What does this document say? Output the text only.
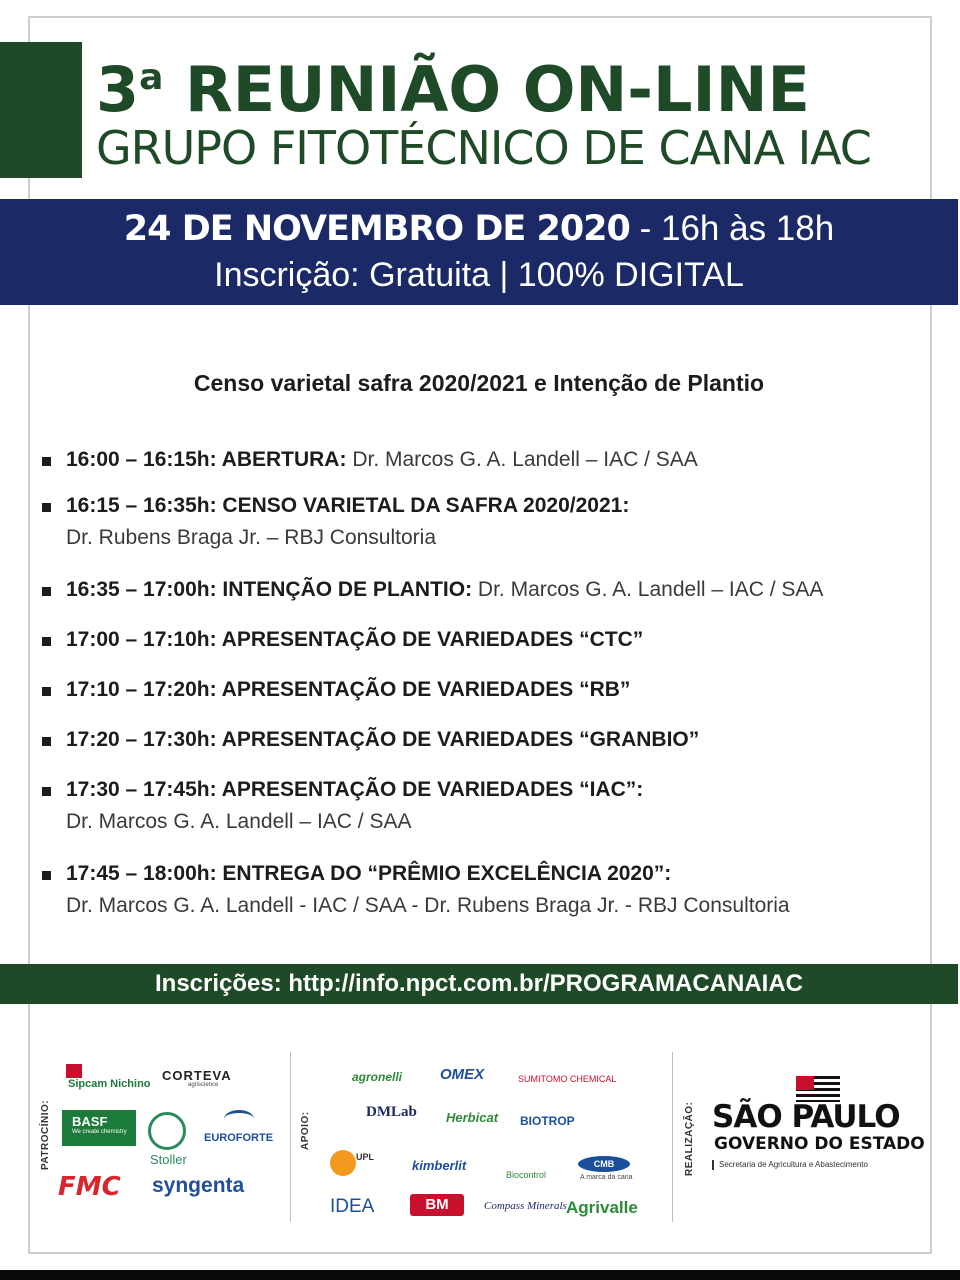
3$^a$ REUNIÃO ON-LINE
GRUPO FITOTÉCNICO DE CANA IAC
24 DE NOVEMBRO DE 2020 - 16h às 18h
Inscrição: Gratuita | 100% DIGITAL
Censo varietal safra 2020/2021 e Intenção de Plantio
16:00 – 16:15h: ABERTURA: Dr. Marcos G. A. Landell – IAC / SAA
16:15 – 16:35h: CENSO VARIETAL DA SAFRA 2020/2021:
Dr. Rubens Braga Jr. – RBJ Consultoria
16:35 – 17:00h: INTENÇÃO DE PLANTIO: Dr. Marcos G. A. Landell – IAC / SAA
17:00 – 17:10h: APRESENTAÇÃO DE VARIEDADES “CTC”
17:10 – 17:20h: APRESENTAÇÃO DE VARIEDADES “RB”
17:20 – 17:30h: APRESENTAÇÃO DE VARIEDADES “GRANBIO”
17:30 – 17:45h: APRESENTAÇÃO DE VARIEDADES “IAC”:
Dr. Marcos G. A. Landell – IAC / SAA
17:45 – 18:00h: ENTREGA DO “PRÊMIO EXCELÊNCIA 2020”:
Dr. Marcos G. A. Landell - IAC / SAA - Dr. Rubens Braga Jr. - RBJ Consultoria
Inscrições: http://info.npct.com.br/PROGRAMACANAIAC
PATROCÍNIO:
Sipcam Nichino
CORTEVA
agriscience
BASF
We create chemistry
Stoller
EUROFORTE
FMC syngenta
APOIO:
agronelli	OMEX	SUMITOMO CHEMICAL
DMLab Herbicat BIOTROP
UPL
kimberlit
Biocontrol
CMB
A marca da cana
IDEA	BM	Compass Minerals Agrivalle
REALIZAÇÃO: SÃO PAULO
GOVERNO DO ESTADO
Secretaria de Agricultura e Abastecimento
